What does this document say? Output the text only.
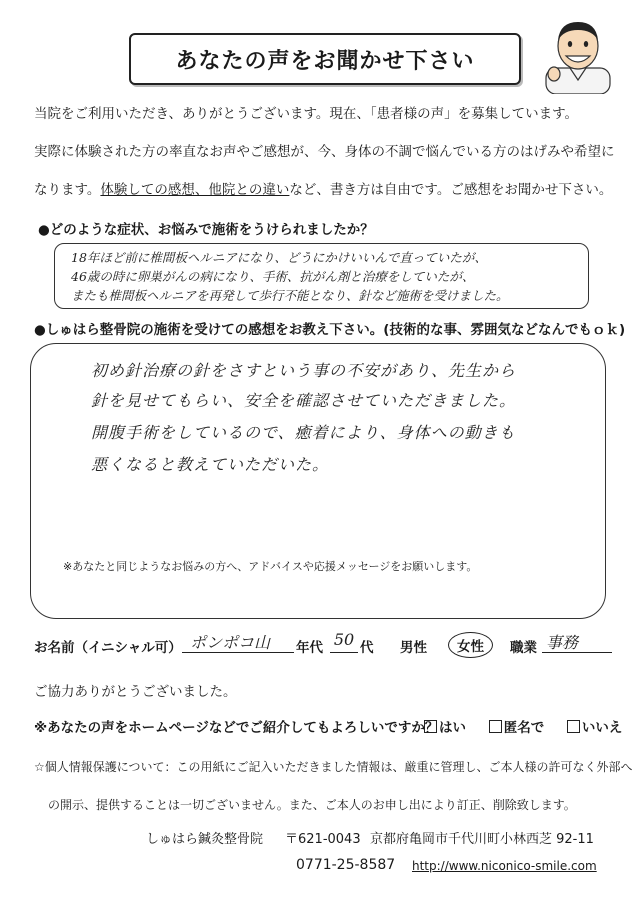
あなたの声をお聞かせ下さい
当院をご利用いただき、ありがとうございます。現在、「患者様の声」を募集しています。
実際に体験された方の率直なお声やご感想が、今、身体の不調で悩んでいる方のはげみや希望に
なります。体験しての感想、他院との違いなど、書き方は自由です。ご感想をお聞かせ下さい。
●どのような症状、お悩みで施術をうけられましたか？
18年ほど前に椎間板ヘルニアになり、どうにかけいいんで直っていたが、
46歳の時に卵巣がんの病になり、手術、抗がん剤と治療をしていたが、
またも椎間板ヘルニアを再発して歩行不能となり、針など施術を受けました。
●しゅはら整骨院の施術を受けての感想をお教え下さい。(技術的な事、雰囲気などなんでもｏｋ)
初め針治療の針をさすという事の不安があり、先生から
針を見せてもらい、安全を確認させていただきました。
開腹手術をしているので、癒着により、身体への動きも
悪くなると教えていただいた。
※あなたと同じようなお悩みの方へ、アドバイスや応援メッセージをお願いします。
お名前（イニシャル可） ポンポコ山	年代 50 代 男性	女性	職業 事務
ご協力ありがとうございました。
※あなたの声をホームページなどでご紹介してもよろしいですか？ はい	匿名で	いいえ
☆個人情報保護について：この用紙にご記入いただきました情報は、厳重に管理し、ご本人様の許可なく外部へ
の開示、提供することは一切ございません。また、ご本人のお申し出により訂正、削除致します。
しゅはら鍼灸整骨院 〒621-0043 京都府亀岡市千代川町小林西芝 92-11
0771-25-8587 http://www.niconico-smile.com
